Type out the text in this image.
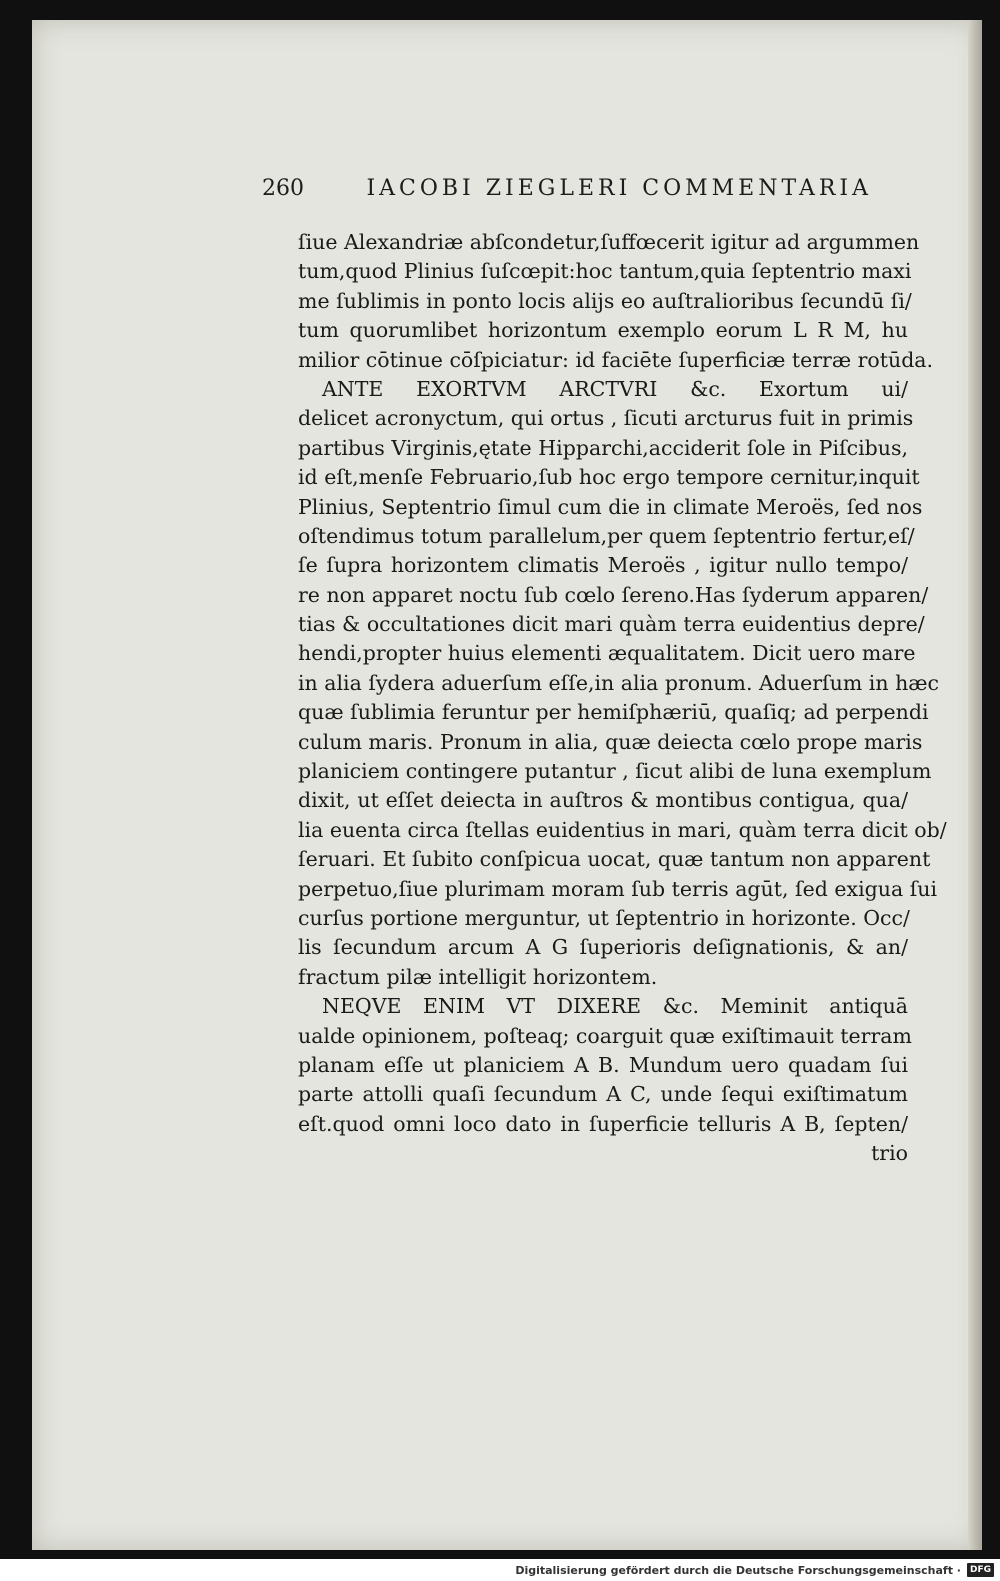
260	IACOBI ZIEGLERI COMMENTARIA
ſiue Alexandriæ abſcondetur,ſuffœcerit igitur ad argummen
tum,quod Plinius ſuſcœpit:hoc tantum,quia ſeptentrio maxi
me ſublimis in ponto locis alijs eo auſtralioribus ſecundū ſi/
tum quorumlibet horizontum exemplo eorum L R M, hu
milior cōtinue cōſpiciatur: id faciēte ſuperficiæ terræ rotūda.
ANTE EXORTVM ARCTVRI &c. Exortum ui/
delicet acronyctum, qui ortus , ſicuti arcturus fuit in primis
partibus Virginis,ętate Hipparchi,acciderit ſole in Piſcibus,
id eſt,menſe Februario,ſub hoc ergo tempore cernitur,inquit
Plinius, Septentrio ſimul cum die in climate Meroës, ſed nos
oſtendimus totum parallelum,per quem ſeptentrio fertur,eſ/
ſe ſupra horizontem climatis Meroës , igitur nullo tempo/
re non apparet noctu ſub cœlo ſereno.Has ſyderum apparen/
tias & occultationes dicit mari quàm terra euidentius depre/
hendi,propter huius elementi æqualitatem. Dicit uero mare
in alia ſydera aduerſum eſſe,in alia pronum. Aduerſum in hæc
quæ ſublimia feruntur per hemiſphæriū, quaſiq; ad perpendi
culum maris. Pronum in alia, quæ deiecta cœlo prope maris
planiciem contingere putantur , ſicut alibi de luna exemplum
dixit, ut eſſet deiecta in auſtros & montibus contigua, qua/
lia euenta circa ſtellas euidentius in mari, quàm terra dicit ob/
ſeruari. Et ſubito conſpicua uocat, quæ tantum non apparent
perpetuo,ſiue plurimam moram ſub terris agūt, ſed exigua ſui
curſus portione merguntur, ut ſeptentrio in horizonte. Occ/
lis ſecundum arcum A G ſuperioris deſignationis, & an/
fractum pilæ intelligit horizontem.
NEQVE ENIM VT DIXERE &c. Meminit antiquā
ualde opinionem, poſteaq; coarguit quæ exiſtimauit terram
planam eſſe ut planiciem A B. Mundum uero quadam ſui
parte attolli quaſi ſecundum A C, unde ſequi exiſtimatum
eſt.quod omni loco dato in ſuperficie telluris A B, ſepten/
trio
Digitalisierung gefördert durch die Deutsche Forschungsgemeinschaft ·	DFG
